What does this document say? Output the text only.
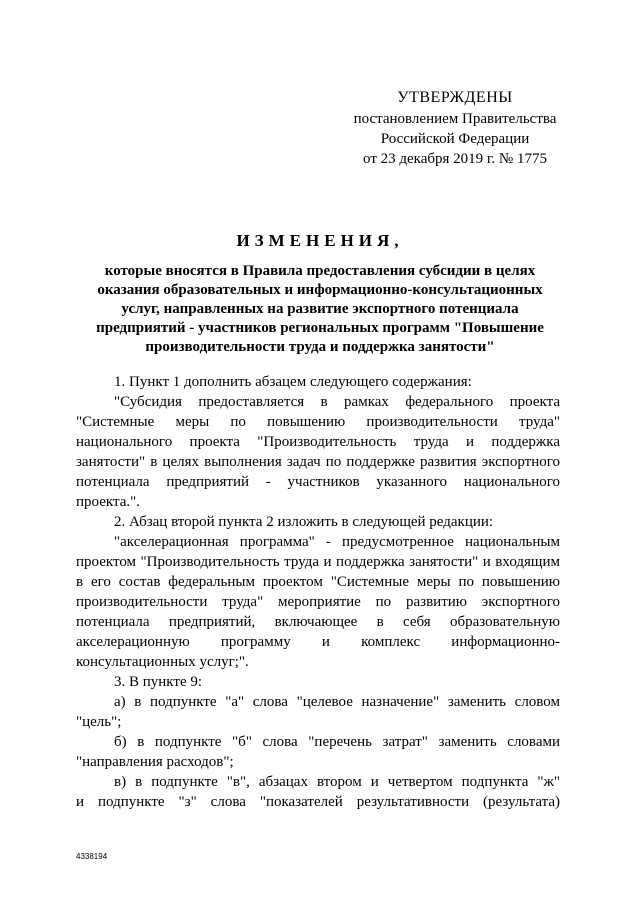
УТВЕРЖДЕНЫ
постановлением Правительства
Российской Федерации
от 23 декабря 2019 г. № 1775
ИЗМЕНЕНИЯ,
которые вносятся в Правила предоставления субсидии в целях
оказания образовательных и информационно-консультационных
услуг, направленных на развитие экспортного потенциала
предприятий - участников региональных программ "Повышение
производительности труда и поддержка занятости"

1. Пункт 1 дополнить абзацем следующего содержания:

"Субсидия предоставляется в рамках федерального проекта

"Системные меры по повышению производительности труда"

национального проекта "Производительность труда и поддержка

занятости" в целях выполнения задач по поддержке развития экспортного

потенциала предприятий - участников указанного национального

проекта.".

2. Абзац второй пункта 2 изложить в следующей редакции:

"акселерационная программа" - предусмотренное национальным

проектом "Производительность труда и поддержка занятости" и входящим

в его состав федеральным проектом "Системные меры по повышению

производительности труда" мероприятие по развитию экспортного

потенциала предприятий, включающее в себя образовательную

акселерационную программу и комплекс информационно-

консультационных услуг;".

3. В пункте 9:

а) в подпункте "а" слова "целевое назначение" заменить словом

"цель";

б) в подпункте "б" слова "перечень затрат" заменить словами

"направления расходов";

в) в подпункте "в", абзацах втором и четвертом подпункта "ж"

и подпункте "з" слова "показателей результативности (результата)

4338194
